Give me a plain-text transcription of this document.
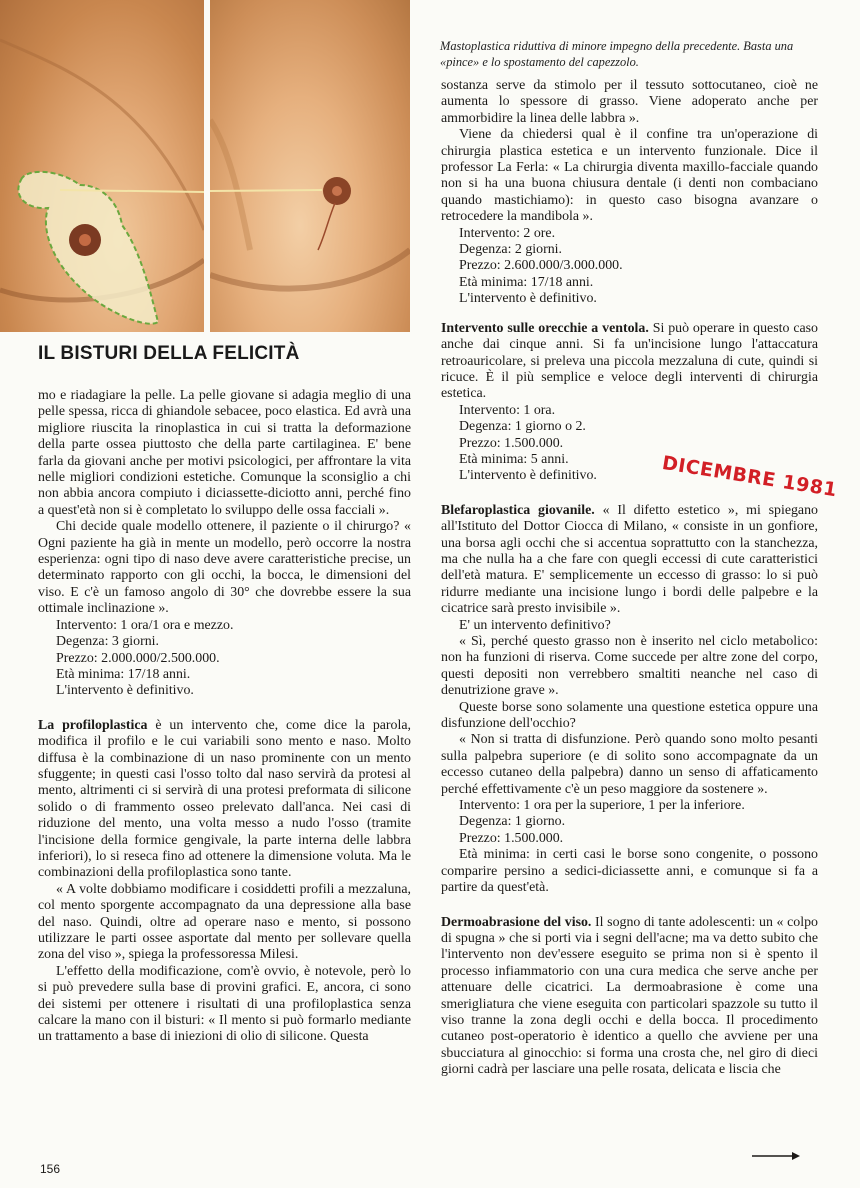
Mastoplastica riduttiva di minore impegno della precedente. Basta una «pince» e lo spostamento del capezzolo.
IL BISTURI DELLA FELICITÀ

mo e riadagiare la pelle. La pelle giovane si adagia meglio di una pelle spessa, ricca di ghiandole sebacee, poco elastica. Ed avrà una migliore riuscita la rinoplastica in cui si tratta la deformazione della parte ossea piuttosto che della parte cartilaginea. E' bene farla da giovani anche per motivi psicologici, per affrontare la vita nelle migliori condizioni estetiche. Comunque la sconsiglio a chi non abbia ancora compiuto i diciassette-diciotto anni, perché fino a quest'età non si è completato lo sviluppo delle ossa facciali ».

Chi decide quale modello ottenere, il paziente o il chirurgo? « Ogni paziente ha già in mente un modello, però occorre la nostra esperienza: ogni tipo di naso deve avere caratteristiche precise, un determinato rapporto con gli occhi, la bocca, le dimensioni del viso. E c'è un famoso angolo di 30° che dovrebbe essere la sua ottimale inclinazione ».

Intervento: 1 ora/1 ora e mezzo.
Degenza: 3 giorni.
Prezzo: 2.000.000/2.500.000.
Età minima: 17/18 anni.
L'intervento è definitivo.

La profiloplastica è un intervento che, come dice la parola, modifica il profilo e le cui variabili sono mento e naso. Molto diffusa è la combinazione di un naso prominente con un mento sfuggente; in questi casi l'osso tolto dal naso servirà da protesi al mento, altrimenti ci si servirà di una protesi preformata di silicone solido o di frammento osseo prelevato dall'anca. Nei casi di riduzione del mento, una volta messo a nudo l'osso (tramite l'incisione della formice gengivale, la parte interna delle labbra inferiori), lo si reseca fino ad ottenere la dimensione voluta. Ma le combinazioni della profiloplastica sono tante.

« A volte dobbiamo modificare i cosiddetti profili a mezzaluna, col mento sporgente accompagnato da una depressione alla base del naso. Quindi, oltre ad operare naso e mento, si possono utilizzare le parti ossee asportate dal mento per sollevare quella zona del viso », spiega la professoressa Milesi.

L'effetto della modificazione, com'è ovvio, è notevole, però lo si può prevedere sulla base di provini grafici. E, ancora, ci sono dei sistemi per ottenere i risultati di una profiloplastica senza calcare la mano con il bisturi: « Il mento si può formarlo mediante un trattamento a base di iniezioni di olio di silicone. Questa

sostanza serve da stimolo per il tessuto sottocutaneo, cioè ne aumenta lo spessore di grasso. Viene adoperato anche per ammorbidire la linea delle labbra ».

Viene da chiedersi qual è il confine tra un'operazione di chirurgia plastica estetica e un intervento funzionale. Dice il professor La Ferla: « La chirurgia diventa maxillo-facciale quando non si ha una buona chiusura dentale (i denti non combaciano quando mastichiamo): in questo caso bisogna avanzare o retrocedere la mandibola ».

Intervento: 2 ore.
Degenza: 2 giorni.
Prezzo: 2.600.000/3.000.000.
Età minima: 17/18 anni.
L'intervento è definitivo.

Intervento sulle orecchie a ventola. Si può operare in questo caso anche dai cinque anni. Si fa un'incisione lungo l'attaccatura retroauricolare, si preleva una piccola mezzaluna di cute, quindi si ricuce. È il più semplice e veloce degli interventi di chirurgia estetica.

Intervento: 1 ora.
Degenza: 1 giorno o 2.
Prezzo: 1.500.000.
Età minima: 5 anni.
L'intervento è definitivo.

Blefaroplastica giovanile. « Il difetto estetico », mi spiegano all'Istituto del Dottor Ciocca di Milano, « consiste in un gonfiore, una borsa agli occhi che si accentua soprattutto con la stanchezza, ma che nulla ha a che fare con quegli eccessi di cute caratteristici dell'età matura. E' semplicemente un eccesso di grasso: lo si può ridurre mediante una incisione lungo i bordi delle palpebre e la cicatrice sarà presto invisibile ».

E' un intervento definitivo?

« Sì, perché questo grasso non è inserito nel ciclo metabolico: non ha funzioni di riserva. Come succede per altre zone del corpo, questi depositi non verrebbero smaltiti neanche nel caso di denutrizione grave ».

Queste borse sono solamente una questione estetica oppure una disfunzione dell'occhio?

« Non si tratta di disfunzione. Però quando sono molto pesanti sulla palpebra superiore (e di solito sono accompagnate da un eccesso cutaneo della palpebra) danno un senso di affaticamento perché effettivamente c'è un peso maggiore da sostenere ».

Intervento: 1 ora per la superiore, 1 per la inferiore.
Degenza: 1 giorno.
Prezzo: 1.500.000.

Età minima: in certi casi le borse sono congenite, o possono comparire persino a sedici-diciassette anni, e comunque si fa a partire da quest'età.

Dermoabrasione del viso. Il sogno di tante adolescenti: un « colpo di spugna » che si porti via i segni dell'acne; ma va detto subito che l'intervento non dev'essere eseguito se prima non si è spento il processo infiammatorio con una cura medica che serve anche per attenuare delle cicatrici. La dermoabrasione è come una smerigliatura che viene eseguita con particolari spazzole su tutto il viso tranne la zona degli occhi e della bocca. Il procedimento cutaneo post-operatorio è identico a quello che avviene per una sbucciatura al ginocchio: si forma una crosta che, nel giro di dieci giorni cadrà per lasciare una pelle rosata, delicata e liscia che

DICEMBRE 1981
156
